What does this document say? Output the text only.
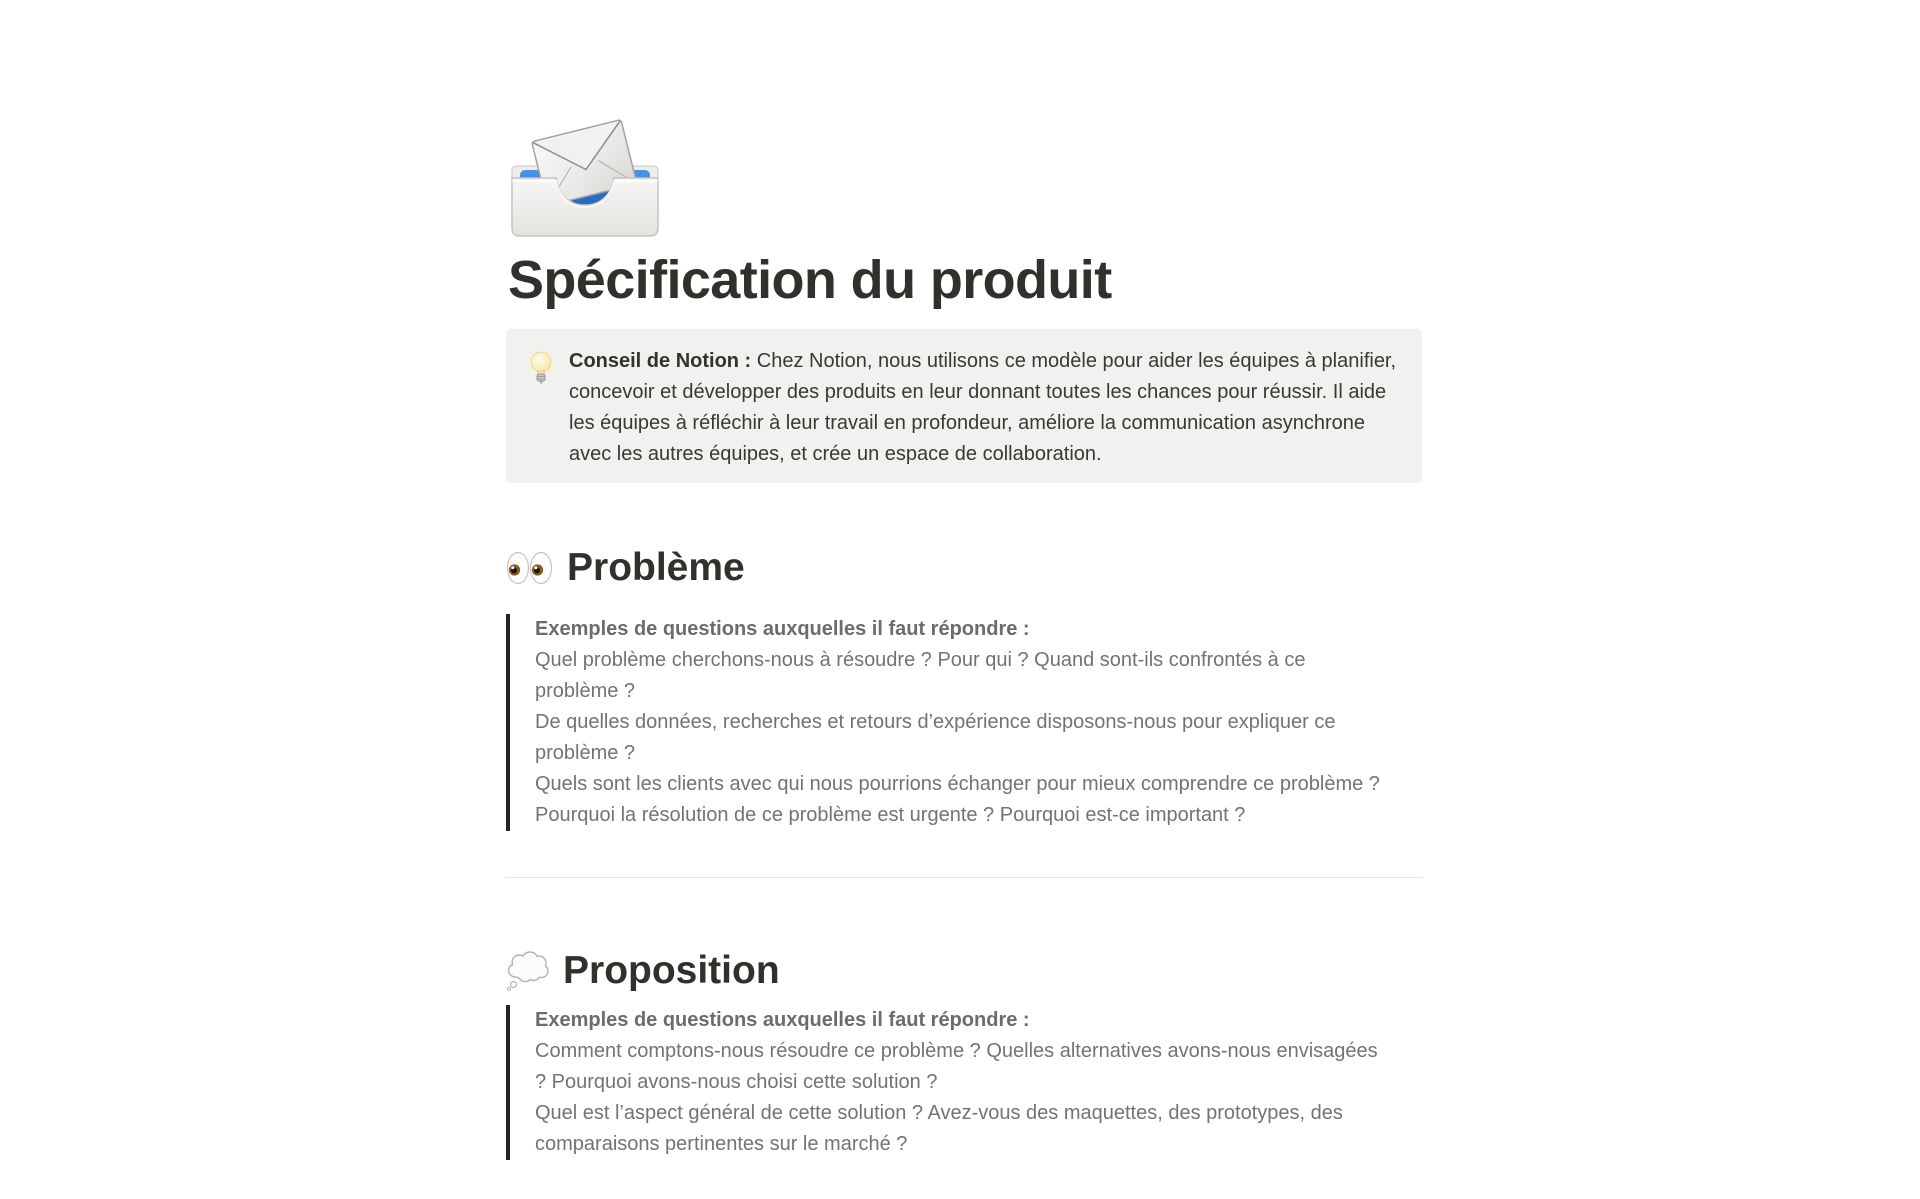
Spécification du produit
Conseil de Notion : Chez Notion, nous utilisons ce modèle pour aider les équipes à planifier, concevoir et développer des produits en leur donnant toutes les chances pour réussir. Il aide les équipes à réfléchir à leur travail en profondeur, améliore la communication asynchrone avec les autres équipes, et crée un espace de collaboration.
Problème

Exemples de questions auxquelles il faut répondre :

Quel problème cherchons-nous à résoudre ? Pour qui ? Quand sont-ils confrontés à ce problème ?

De quelles données, recherches et retours d’expérience disposons-nous pour expliquer ce problème ?

Quels sont les clients avec qui nous pourrions échanger pour mieux comprendre ce problème ?

Pourquoi la résolution de ce problème est urgente ? Pourquoi est-ce important ?

Proposition

Exemples de questions auxquelles il faut répondre :

Comment comptons-nous résoudre ce problème ? Quelles alternatives avons-nous envisagées ? Pourquoi avons-nous choisi cette solution ?

Quel est l’aspect général de cette solution ? Avez-vous des maquettes, des prototypes, des comparaisons pertinentes sur le marché ?
